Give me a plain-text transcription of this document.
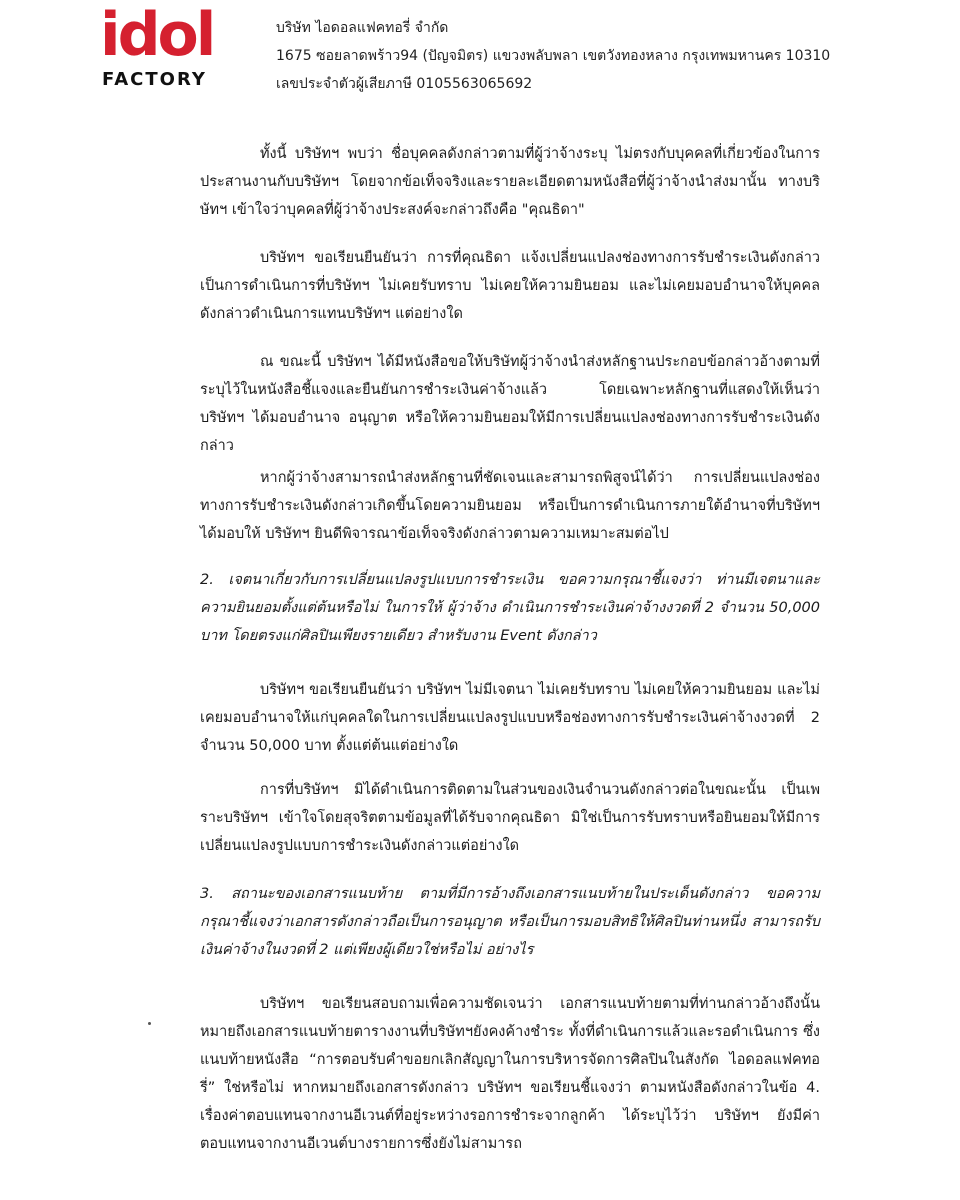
idol
FACTORY
บริษัท ไอดอลแฟคทอรี่ จำกัด
1675 ซอยลาดพร้าว94 (ปัญจมิตร) แขวงพลับพลา เขตวังทองหลาง กรุงเทพมหานคร 10310
เลขประจำตัวผู้เสียภาษี 0105563065692

ทั้งนี้ บริษัทฯ พบว่า ชื่อบุคคลดังกล่าวตามที่ผู้ว่าจ้างระบุ ไม่ตรงกับบุคคลที่เกี่ยวข้องในการประสานงานกับบริษัทฯ โดยจากข้อเท็จจริงและรายละเอียดตามหนังสือที่ผู้ว่าจ้างนำส่งมานั้น ทางบริษัทฯ เข้าใจว่าบุคคลที่ผู้ว่าจ้างประสงค์จะกล่าวถึงคือ "คุณธิดา"

บริษัทฯ ขอเรียนยืนยันว่า การที่คุณธิดา แจ้งเปลี่ยนแปลงช่องทางการรับชำระเงินดังกล่าว เป็นการดำเนินการที่บริษัทฯ ไม่เคยรับทราบ ไม่เคยให้ความยินยอม และไม่เคยมอบอำนาจให้บุคคลดังกล่าวดำเนินการแทนบริษัทฯ แต่อย่างใด

ณ ขณะนี้ บริษัทฯ ได้มีหนังสือขอให้บริษัทผู้ว่าจ้างนำส่งหลักฐานประกอบข้อกล่าวอ้างตามที่ระบุไว้ในหนังสือชี้แจงและยืนยันการชำระเงินค่าจ้างแล้ว โดยเฉพาะหลักฐานที่แสดงให้เห็นว่า บริษัทฯ ได้มอบอำนาจ อนุญาต หรือให้ความยินยอมให้มีการเปลี่ยนแปลงช่องทางการรับชำระเงินดังกล่าว

หากผู้ว่าจ้างสามารถนำส่งหลักฐานที่ชัดเจนและสามารถพิสูจน์ได้ว่า การเปลี่ยนแปลงช่องทางการรับชำระเงินดังกล่าวเกิดขึ้นโดยความยินยอม หรือเป็นการดำเนินการภายใต้อำนาจที่บริษัทฯ ได้มอบให้ บริษัทฯ ยินดีพิจารณาข้อเท็จจริงดังกล่าวตามความเหมาะสมต่อไป

2. เจตนาเกี่ยวกับการเปลี่ยนแปลงรูปแบบการชำระเงิน ขอความกรุณาชี้แจงว่า ท่านมีเจตนาและความยินยอมตั้งแต่ต้นหรือไม่ ในการให้ ผู้ว่าจ้าง ดำเนินการชำระเงินค่าจ้างงวดที่ 2 จำนวน 50,000 บาท โดยตรงแก่ศิลปินเพียงรายเดียว สำหรับงาน Event ดังกล่าว

บริษัทฯ ขอเรียนยืนยันว่า บริษัทฯ ไม่มีเจตนา ไม่เคยรับทราบ ไม่เคยให้ความยินยอม และไม่เคยมอบอำนาจให้แก่บุคคลใดในการเปลี่ยนแปลงรูปแบบหรือช่องทางการรับชำระเงินค่าจ้างงวดที่ 2 จำนวน 50,000 บาท ตั้งแต่ต้นแต่อย่างใด

การที่บริษัทฯ มิได้ดำเนินการติดตามในส่วนของเงินจำนวนดังกล่าวต่อในขณะนั้น เป็นเพราะบริษัทฯ เข้าใจโดยสุจริตตามข้อมูลที่ได้รับจากคุณธิดา มิใช่เป็นการรับทราบหรือยินยอมให้มีการเปลี่ยนแปลงรูปแบบการชำระเงินดังกล่าวแต่อย่างใด

3. สถานะของเอกสารแนบท้าย ตามที่มีการอ้างถึงเอกสารแนบท้ายในประเด็นดังกล่าว ขอความกรุณาชี้แจงว่าเอกสารดังกล่าวถือเป็นการอนุญาต หรือเป็นการมอบสิทธิให้ศิลปินท่านหนึ่ง สามารถรับเงินค่าจ้างในงวดที่ 2 แต่เพียงผู้เดียวใช่หรือไม่ อย่างไร

บริษัทฯ ขอเรียนสอบถามเพื่อความชัดเจนว่า เอกสารแนบท้ายตามที่ท่านกล่าวอ้างถึงนั้น หมายถึงเอกสารแนบท้ายตารางงานที่บริษัทฯยังคงค้างชำระ ทั้งที่ดำเนินการแล้วและรอดำเนินการ ซึ่งแนบท้ายหนังสือ “การตอบรับคำขอยกเลิกสัญญาในการบริหารจัดการศิลปินในสังกัด ไอดอลแฟคทอรี่” ใช่หรือไม่ หากหมายถึงเอกสารดังกล่าว บริษัทฯ ขอเรียนชี้แจงว่า ตามหนังสือดังกล่าวในข้อ 4. เรื่องค่าตอบแทนจากงานอีเวนต์ที่อยู่ระหว่างรอการชำระจากลูกค้า ได้ระบุไว้ว่า บริษัทฯ ยังมีค่าตอบแทนจากงานอีเวนต์บางรายการซึ่งยังไม่สามารถ
